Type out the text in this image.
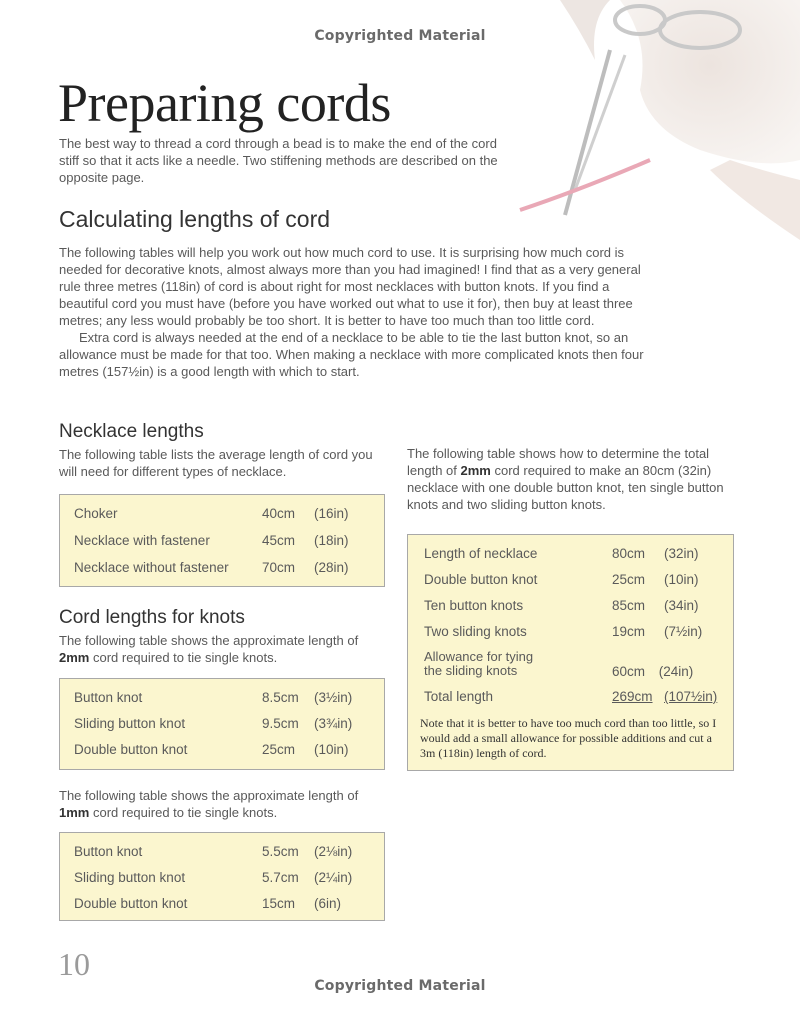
Copyrighted Material
Preparing cords

The best way to thread a cord through a bead is to make the end of the cord stiff so that it acts like a needle. Two stiffening methods are described on the opposite page.

Calculating lengths of cord

The following tables will help you work out how much cord to use. It is surprising how much cord is needed for decorative knots, almost always more than you had imagined! I find that as a very general rule three metres (118in) of cord is about right for most necklaces with button knots. If you find a beautiful cord you must have (before you have worked out what to use it for), then buy at least three metres; any less would probably be too short. It is better to have too much than too little cord.

Extra cord is always needed at the end of a necklace to be able to tie the last button knot, so an allowance must be made for that too. When making a necklace with more complicated knots then four metres (157½in) is a good length with which to start.

Necklace lengths

The following table lists the average length of cord you will need for different types of necklace.

Choker	40cm (16in)
Necklace with fastener	45cm (18in)
Necklace without fastener 70cm (28in)
Cord lengths for knots

The following table shows the approximate length of
2mm cord required to tie single knots.

Button knot	8.5cm (3½in)
Sliding button knot	9.5cm (3¾in)
Double button knot	25cm (10in)

The following table shows the approximate length of
1mm cord required to tie single knots.

Button knot	5.5cm (2⅛in)
Sliding button knot	5.7cm (2¼in)
Double button knot	15cm (6in)

The following table shows how to determine the total length of 2mm cord required to make an 80cm (32in) necklace with one double button knot, ten single button knots and two sliding button knots.

Length of necklace	80cm (32in)
Double button knot	25cm (10in)
Ten button knots	85cm (34in)
Two sliding knots	19cm (7½in)
Allowance for tying
the sliding knots	60cm (24in)
Total length	269cm (107½in)

Note that it is better to have too much cord than too little, so I would add a small allowance for possible additions and cut a 3m (118in) length of cord.

10
Copyrighted Material
